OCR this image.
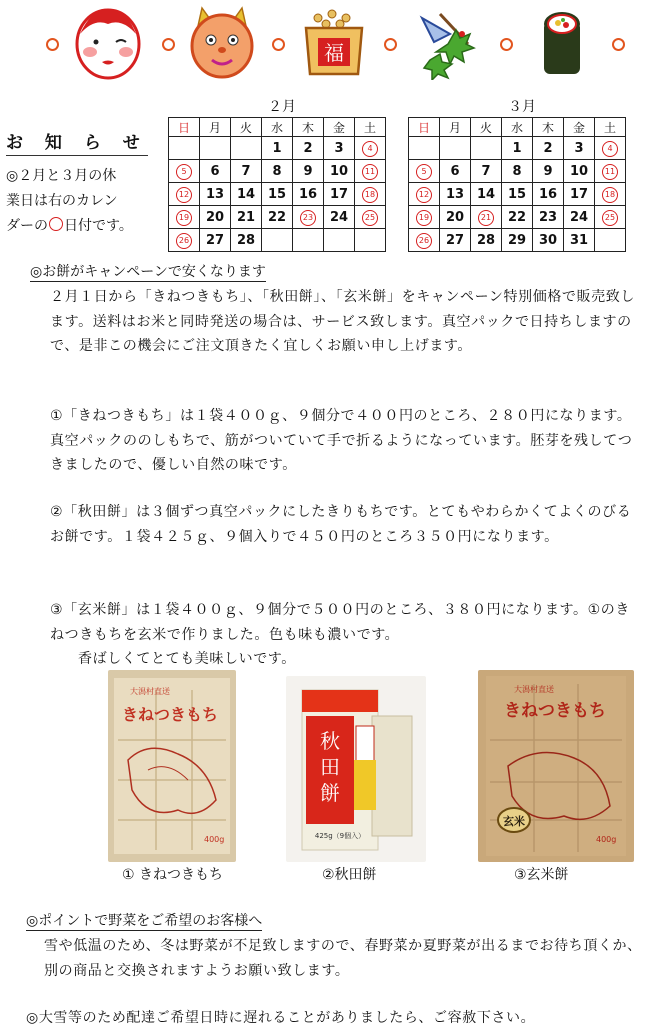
福
お 知 ら せ
◎２月と３月の休
業日は右のカレン
ダーの 日付です。
２月
日	月	火	水	木	金	土
			1	2	3	4
5	6	7	8	9	10	11
12	13	14	15	16	17	18
19	20	21	22	23	24	25
26	27	28				
３月
日	月	火	水	木	金	土
			1	2	3	4
5	6	7	8	9	10	11
12	13	14	15	16	17	18
19	20	21	22	23	24	25
26	27	28	29	30	31	
◎お餅がキャンペーンで安くなります
２月１日から「きねつきもち」、「秋田餅」、「玄米餅」をキャンペーン特別価格で販売致します。送料はお米と同時発送の場合は、サービス致します。真空パックで日持ちしますので、是非この機会にご注文頂きたく宜しくお願い申し上げます。
①「きねつきもち」は１袋４００ｇ、９個分で４００円のところ、２８０円になります。真空パックののしもちで、筋がついていて手で折るようになっています。胚芽を残してつきましたので、優しい自然の味です。
②「秋田餅」は３個ずつ真空パックにしたきりもちです。とてもやわらかくてよくのびるお餅です。１袋４２５ｇ、９個入りで４５０円のところ３５０円になります。
③「玄米餅」は１袋４００ｇ、９個分で５００円のところ、３８０円になります。①のきねつきもちを玄米で作りました。色も味も濃いです。
香ばしくてとても美味しいです。
大潟村直送
きねつきもち
400g
秋
田
餅
425g（9個入）
大潟村直送
きねつきもち
玄米
400g
① きねつきもち	②秋田餅	③玄米餅
◎ポイントで野菜をご希望のお客様へ
雪や低温のため、冬は野菜が不足致しますので、春野菜か夏野菜が出るまでお待ち頂くか、別の商品と交換されますようお願い致します。
◎大雪等のため配達ご希望日時に遅れることがありましたら、ご容赦下さい。
